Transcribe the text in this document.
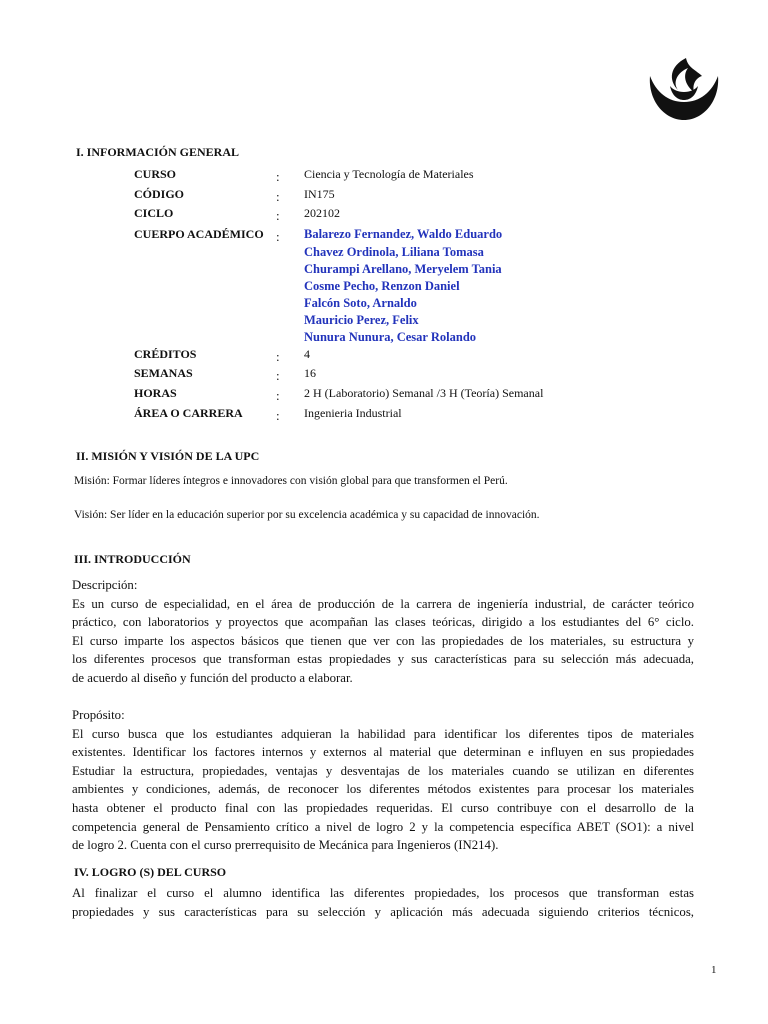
I. INFORMACIÓN GENERAL
CURSO	: Ciencia y Tecnología de Materiales
CÓDIGO	: IN175
CICLO	: 202102
CUERPO ACADÉMICO : Balarezo Fernandez, Waldo Eduardo
Chavez Ordinola, Liliana Tomasa
Churampi Arellano, Meryelem Tania
Cosme Pecho, Renzon Daniel
Falcón Soto, Arnaldo
Mauricio Perez, Felix
Nunura Nunura, Cesar Rolando
CRÉDITOS	: 4
SEMANAS	: 16
HORAS	: 2 H (Laboratorio) Semanal /3 H (Teoría) Semanal
ÁREA O CARRERA	: Ingenieria Industrial
II. MISIÓN Y VISIÓN DE LA UPC
Misión: Formar líderes íntegros e innovadores con visión global para que transformen el Perú.
Visión: Ser líder en la educación superior por su excelencia académica y su capacidad de innovación.
III. INTRODUCCIÓN
Descripción:
Es un curso de especialidad, en el área de producción de la carrera de ingeniería industrial, de carácter teórico
práctico, con laboratorios y proyectos que acompañan las clases teóricas, dirigido a los estudiantes del 6° ciclo.
El curso imparte los aspectos básicos que tienen que ver con las propiedades de los materiales, su estructura y
los diferentes procesos que transforman estas propiedades y sus características para su selección más adecuada,
de acuerdo al diseño y función del producto a elaborar.
Propósito:
El curso busca que los estudiantes adquieran la habilidad para identificar los diferentes tipos de materiales
existentes. Identificar los factores internos y externos al material que determinan e influyen en sus propiedades
Estudiar la estructura, propiedades, ventajas y desventajas de los materiales cuando se utilizan en diferentes
ambientes y condiciones, además, de reconocer los diferentes métodos existentes para procesar los materiales
hasta obtener el producto final con las propiedades requeridas. El curso contribuye con el desarrollo de la
competencia general de Pensamiento crítico a nivel de logro 2 y la competencia específica ABET (SO1): a nivel
de logro 2. Cuenta con el curso prerrequisito de Mecánica para Ingenieros (IN214).
IV. LOGRO (S) DEL CURSO
Al finalizar el curso el alumno identifica las diferentes propiedades, los procesos que transforman estas
propiedades y sus características para su selección y aplicación más adecuada siguiendo criterios técnicos,
1
